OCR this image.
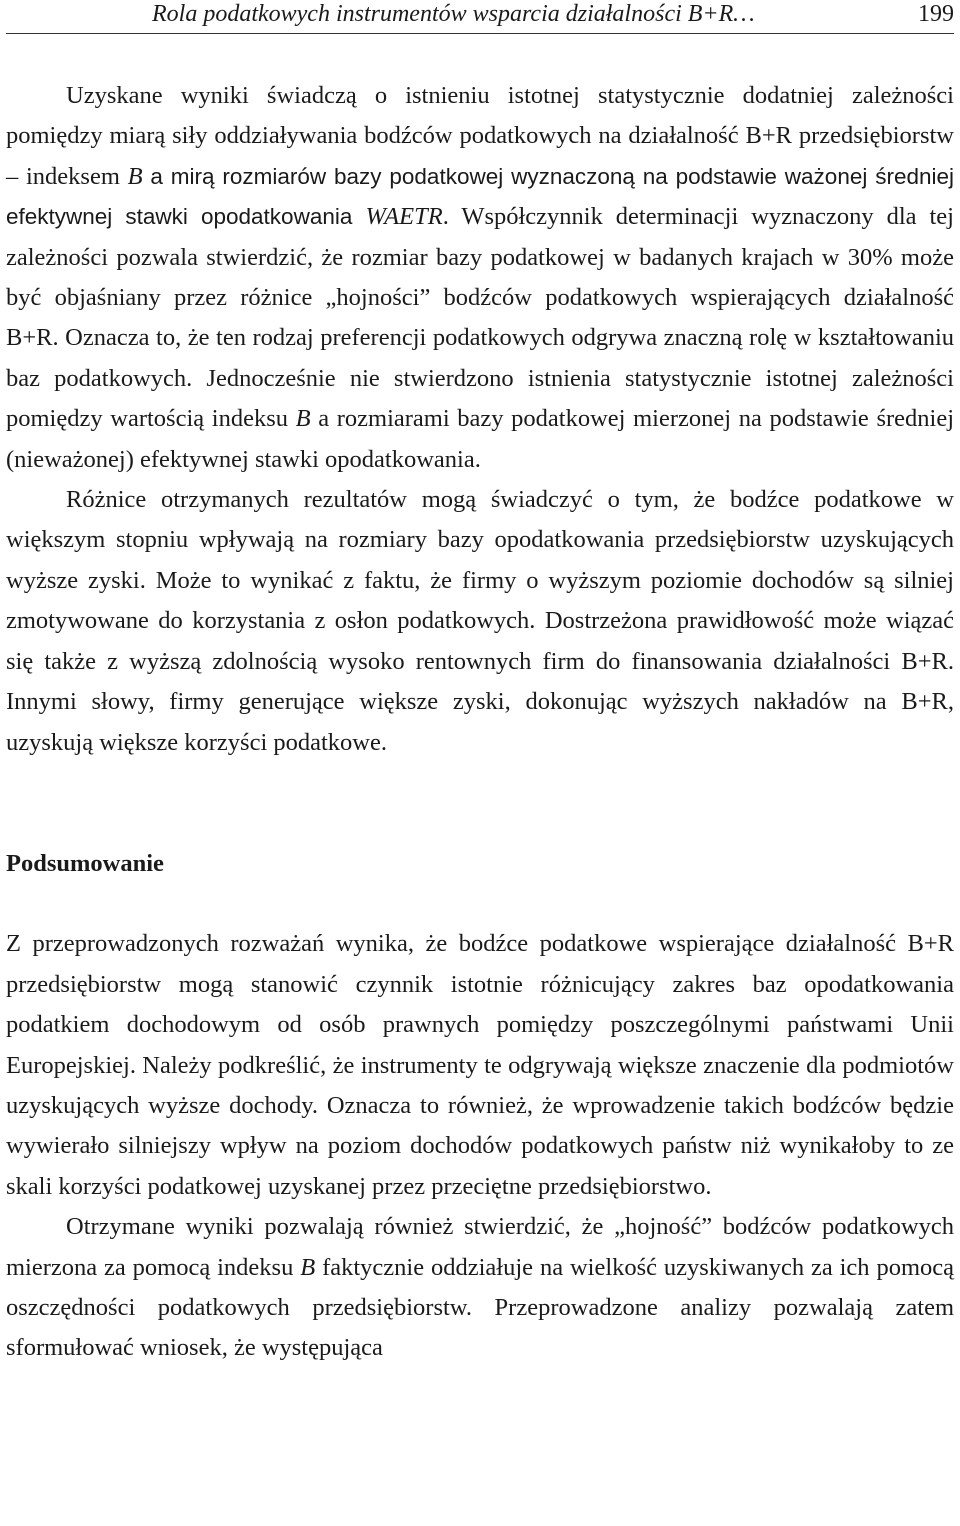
Rola podatkowych instrumentów wsparcia działalności B+R…	199

Uzyskane wyniki świadczą o istnieniu istotnej statystycznie dodatniej zależności pomiędzy miarą siły oddziaływania bodźców podatkowych na działalność B+R przedsiębiorstw – indeksem B a mirą rozmiarów bazy podatkowej wyznaczoną na podstawie ważonej średniej efektywnej stawki opodatkowania WAETR. Współczynnik determinacji wyznaczony dla tej zależności pozwala stwierdzić, że rozmiar bazy podatkowej w badanych krajach w 30% może być objaśniany przez różnice „hojności” bodźców podatkowych wspierających działalność B+R. Oznacza to, że ten rodzaj preferencji podatkowych odgrywa znaczną rolę w kształtowaniu baz podatkowych. Jednocześnie nie stwierdzono istnienia statystycznie istotnej zależności pomiędzy wartością indeksu B a rozmiarami bazy podatkowej mierzonej na podstawie średniej (nieważonej) efektywnej stawki opodatkowania.

Różnice otrzymanych rezultatów mogą świadczyć o tym, że bodźce podatkowe w większym stopniu wpływają na rozmiary bazy opodatkowania przedsiębiorstw uzyskujących wyższe zyski. Może to wynikać z faktu, że firmy o wyższym poziomie dochodów są silniej zmotywowane do korzystania z osłon podatkowych. Dostrzeżona prawidłowość może wiązać się także z wyższą zdolnością wysoko rentownych firm do finansowania działalności B+R. Innymi słowy, firmy generujące większe zyski, dokonując wyższych nakładów na B+R, uzyskują większe korzyści podatkowe.

Podsumowanie

Z przeprowadzonych rozważań wynika, że bodźce podatkowe wspierające działalność B+R przedsiębiorstw mogą stanowić czynnik istotnie różnicujący zakres baz opodatkowania podatkiem dochodowym od osób prawnych pomiędzy poszczególnymi państwami Unii Europejskiej. Należy podkreślić, że instrumenty te odgrywają większe znaczenie dla podmiotów uzyskujących wyższe dochody. Oznacza to również, że wprowadzenie takich bodźców będzie wywierało silniejszy wpływ na poziom dochodów podatkowych państw niż wynikałoby to ze skali korzyści podatkowej uzyskanej przez przeciętne przedsiębiorstwo.

Otrzymane wyniki pozwalają również stwierdzić, że „hojność” bodźców podatkowych mierzona za pomocą indeksu B faktycznie oddziałuje na wielkość uzyskiwanych za ich pomocą oszczędności podatkowych przedsiębiorstw. Przeprowadzone analizy pozwalają zatem sformułować wniosek, że występująca
